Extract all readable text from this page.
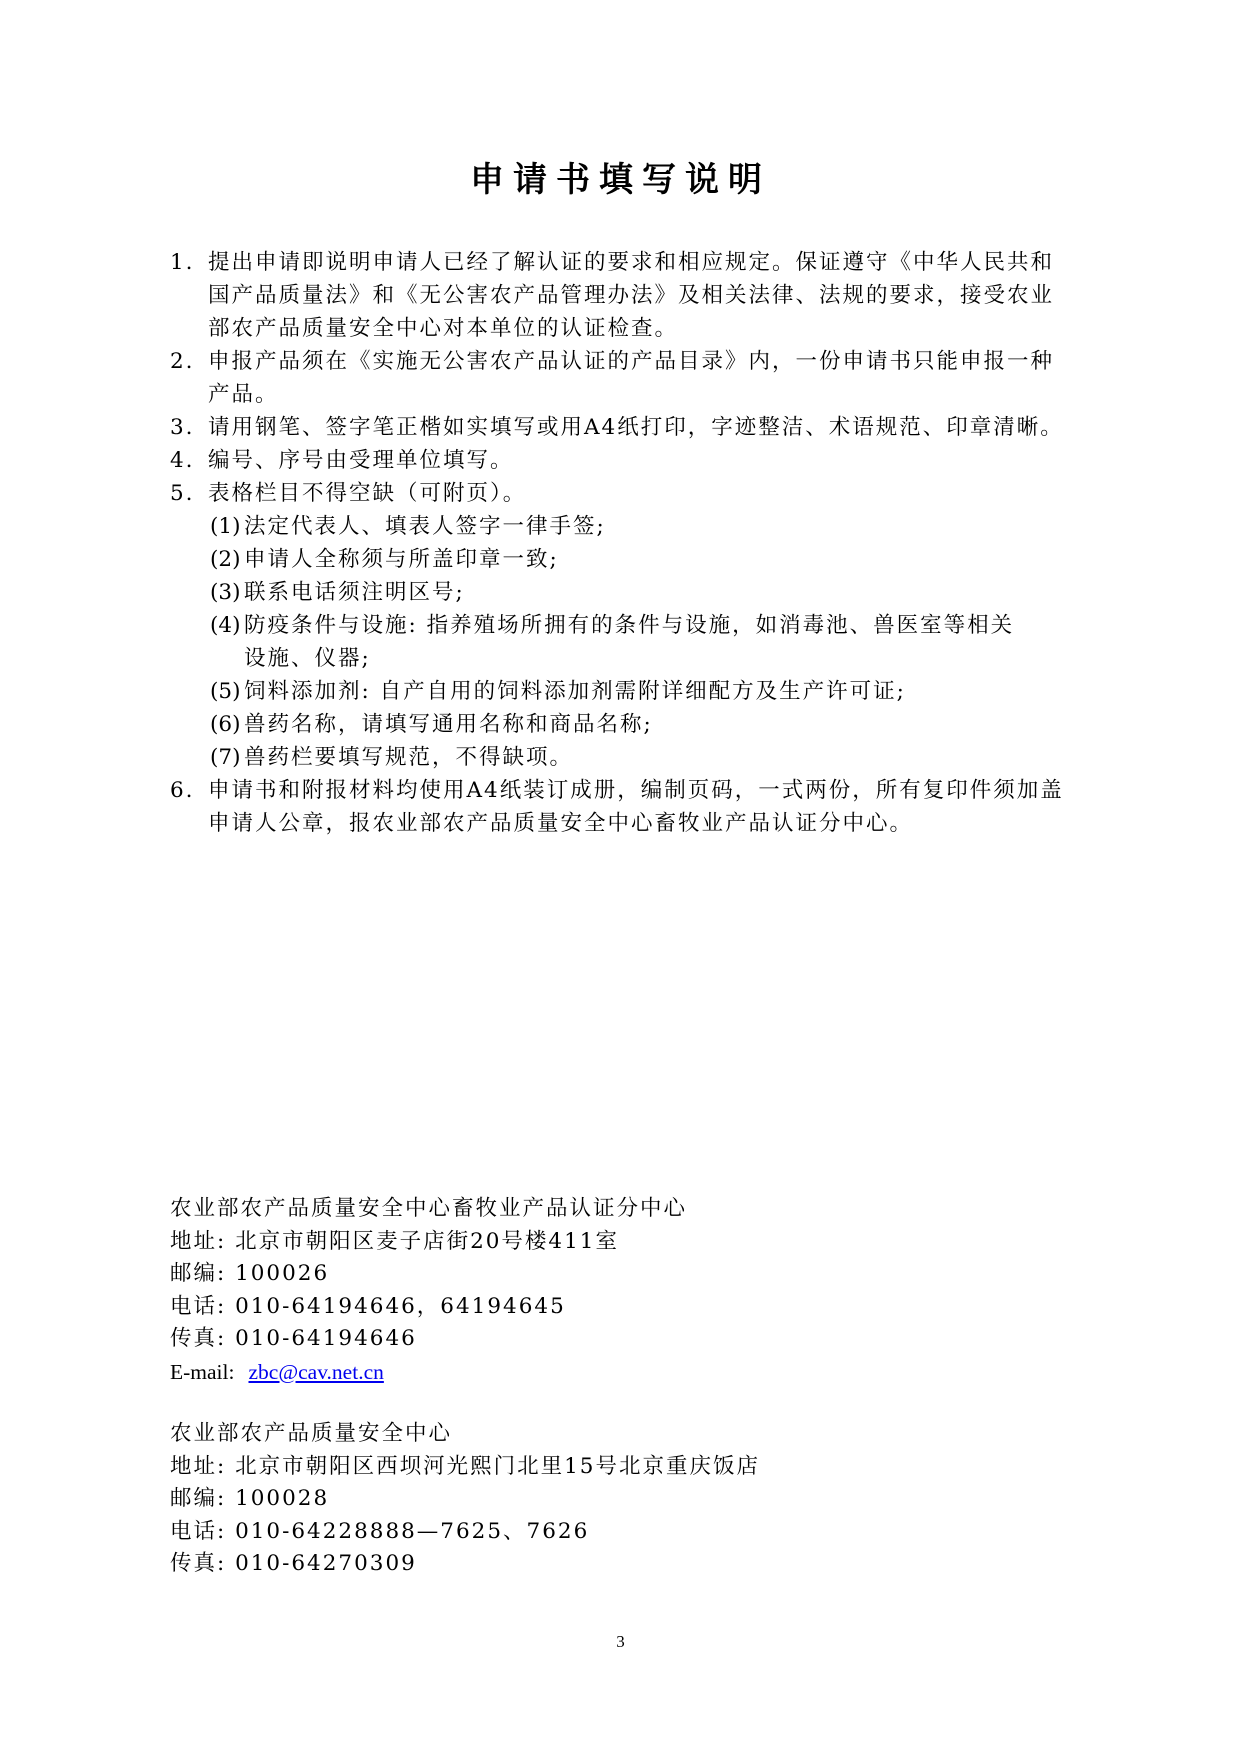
申请书填写说明
1. 提出申请即说明申请人已经了解认证的要求和相应规定。保证遵守《中华人民共和国产品质量法》和《无公害农产品管理办法》及相关法律、法规的要求，接受农业部农产品质量安全中心对本单位的认证检查。
2. 申报产品须在《实施无公害农产品认证的产品目录》内，一份申请书只能申报一种产品。
3. 请用钢笔、签字笔正楷如实填写或用A4纸打印，字迹整洁、术语规范、印章清晰。
4. 编号、序号由受理单位填写。
5. 表格栏目不得空缺（可附页）。
(1) 法定代表人、填表人签字一律手签;
(2) 申请人全称须与所盖印章一致;
(3) 联系电话须注明区号;
(4) 防疫条件与设施: 指养殖场所拥有的条件与设施，如消毒池、兽医室等相关设施、仪器;
(5) 饲料添加剂: 自产自用的饲料添加剂需附详细配方及生产许可证;
(6) 兽药名称，请填写通用名称和商品名称;
(7) 兽药栏要填写规范，不得缺项。
6. 申请书和附报材料均使用A4纸装订成册，编制页码，一式两份，所有复印件须加盖申请人公章，报农业部农产品质量安全中心畜牧业产品认证分中心。
农业部农产品质量安全中心畜牧业产品认证分中心
地址: 北京市朝阳区麦子店街20号楼411室
邮编: 100026
电话: 010-64194646，64194645
传真: 010-64194646
E-mail: zbc@cav.net.cn
农业部农产品质量安全中心
地址: 北京市朝阳区西坝河光熙门北里15号北京重庆饭店
邮编: 100028
电话: 010-64228888—7625、7626
传真: 010-64270309
3
